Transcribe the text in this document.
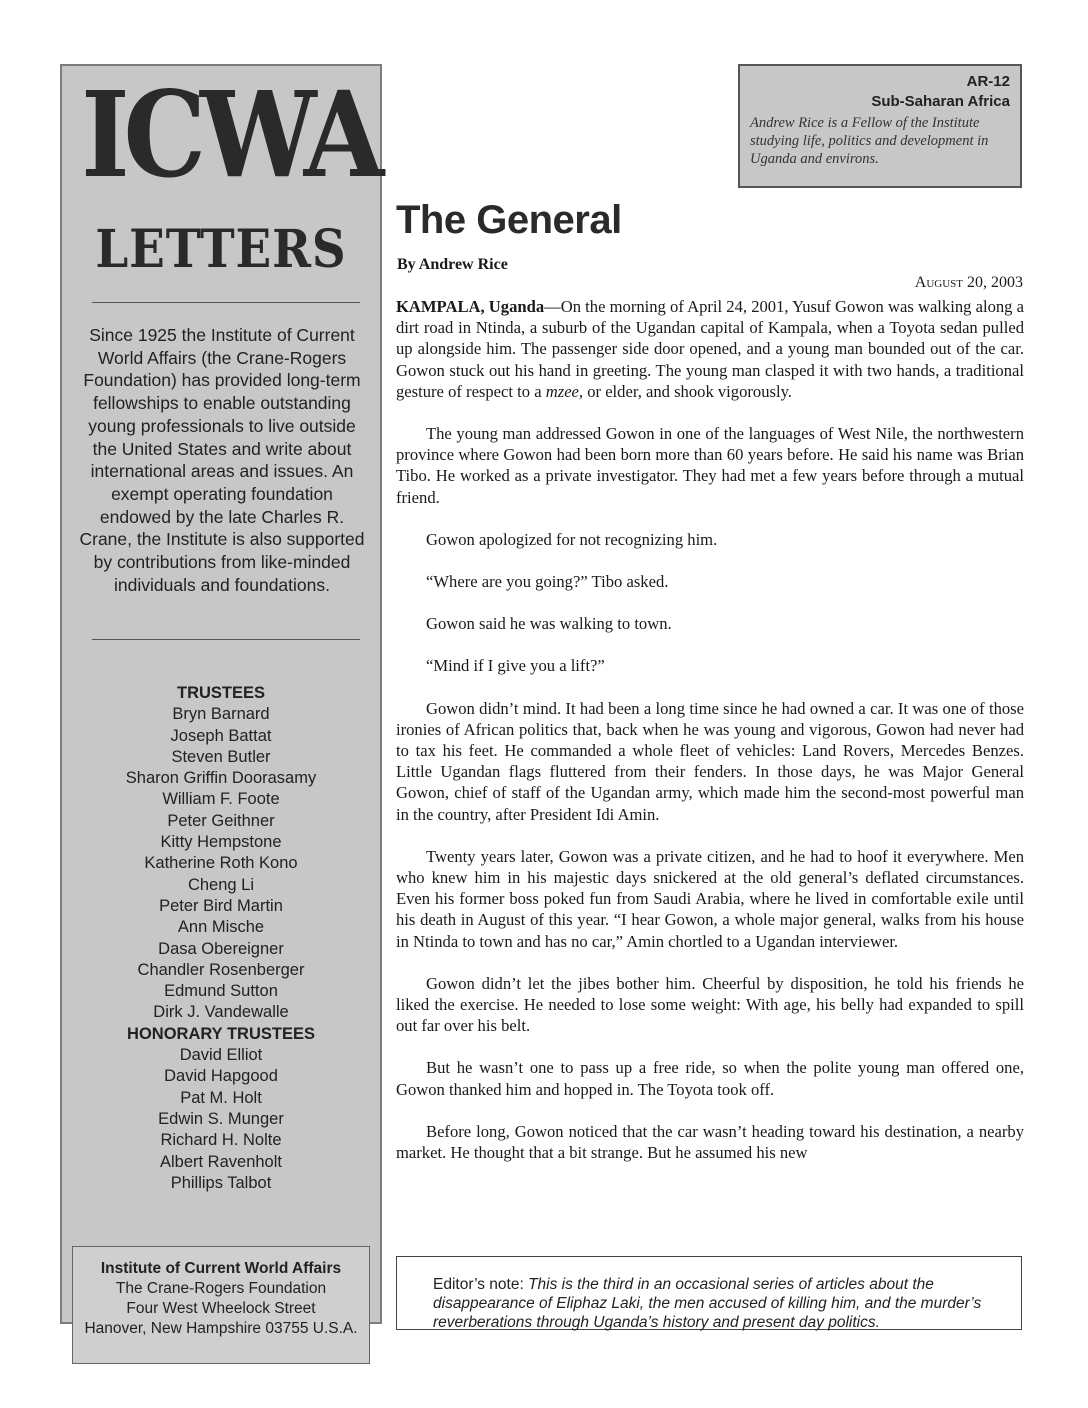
ICWA
LETTERS
Since 1925 the Institute of Current World Affairs (the Crane-Rogers Foundation) has provided long-term fellowships to enable outstanding young professionals to live outside the United States and write about international areas and issues. An exempt operating foundation endowed by the late Charles R. Crane, the Institute is also supported by contributions from like-minded individuals and foundations.
TRUSTEES
Bryn Barnard
Joseph Battat
Steven Butler
Sharon Griffin Doorasamy
William F. Foote
Peter Geithner
Kitty Hempstone
Katherine Roth Kono
Cheng Li
Peter Bird Martin
Ann Mische
Dasa Obereigner
Chandler Rosenberger
Edmund Sutton
Dirk J. Vandewalle
HONORARY TRUSTEES
David Elliot
David Hapgood
Pat M. Holt
Edwin S. Munger
Richard H. Nolte
Albert Ravenholt
Phillips Talbot
Institute of Current World Affairs
The Crane-Rogers Foundation
Four West Wheelock Street
Hanover, New Hampshire 03755 U.S.A.
AR-12
Sub-Saharan Africa
Andrew Rice is a Fellow of the Institute studying life, politics and development in Uganda and environs.
The General
By Andrew Rice
August 20, 2003

KAMPALA, Uganda—On the morning of April 24, 2001, Yusuf Gowon was walking along a dirt road in Ntinda, a suburb of the Ugandan capital of Kampala, when a Toyota sedan pulled up alongside him. The passenger side door opened, and a young man bounded out of the car. Gowon stuck out his hand in greeting. The young man clasped it with two hands, a traditional gesture of respect to a mzee, or elder, and shook vigorously.

The young man addressed Gowon in one of the languages of West Nile, the northwestern province where Gowon had been born more than 60 years before. He said his name was Brian Tibo. He worked as a private investigator. They had met a few years before through a mutual friend.

Gowon apologized for not recognizing him.

“Where are you going?” Tibo asked.

Gowon said he was walking to town.

“Mind if I give you a lift?”

Gowon didn’t mind. It had been a long time since he had owned a car. It was one of those ironies of African politics that, back when he was young and vigorous, Gowon had never had to tax his feet. He commanded a whole fleet of vehicles: Land Rovers, Mercedes Benzes. Little Ugandan flags fluttered from their fenders. In those days, he was Major General Gowon, chief of staff of the Ugandan army, which made him the second-most powerful man in the country, after President Idi Amin.

Twenty years later, Gowon was a private citizen, and he had to hoof it everywhere. Men who knew him in his majestic days snickered at the old general’s deflated circumstances. Even his former boss poked fun from Saudi Arabia, where he lived in comfortable exile until his death in August of this year. “I hear Gowon, a whole major general, walks from his house in Ntinda to town and has no car,” Amin chortled to a Ugandan interviewer.

Gowon didn’t let the jibes bother him. Cheerful by disposition, he told his friends he liked the exercise. He needed to lose some weight: With age, his belly had expanded to spill out far over his belt.

But he wasn’t one to pass up a free ride, so when the polite young man offered one, Gowon thanked him and hopped in. The Toyota took off.

Before long, Gowon noticed that the car wasn’t heading toward his destination, a nearby market. He thought that a bit strange. But he assumed his new

Editor’s note: This is the third in an occasional series of articles about the disappearance of Eliphaz Laki, the men accused of killing him, and the murder’s reverberations through Uganda’s history and present day politics.
